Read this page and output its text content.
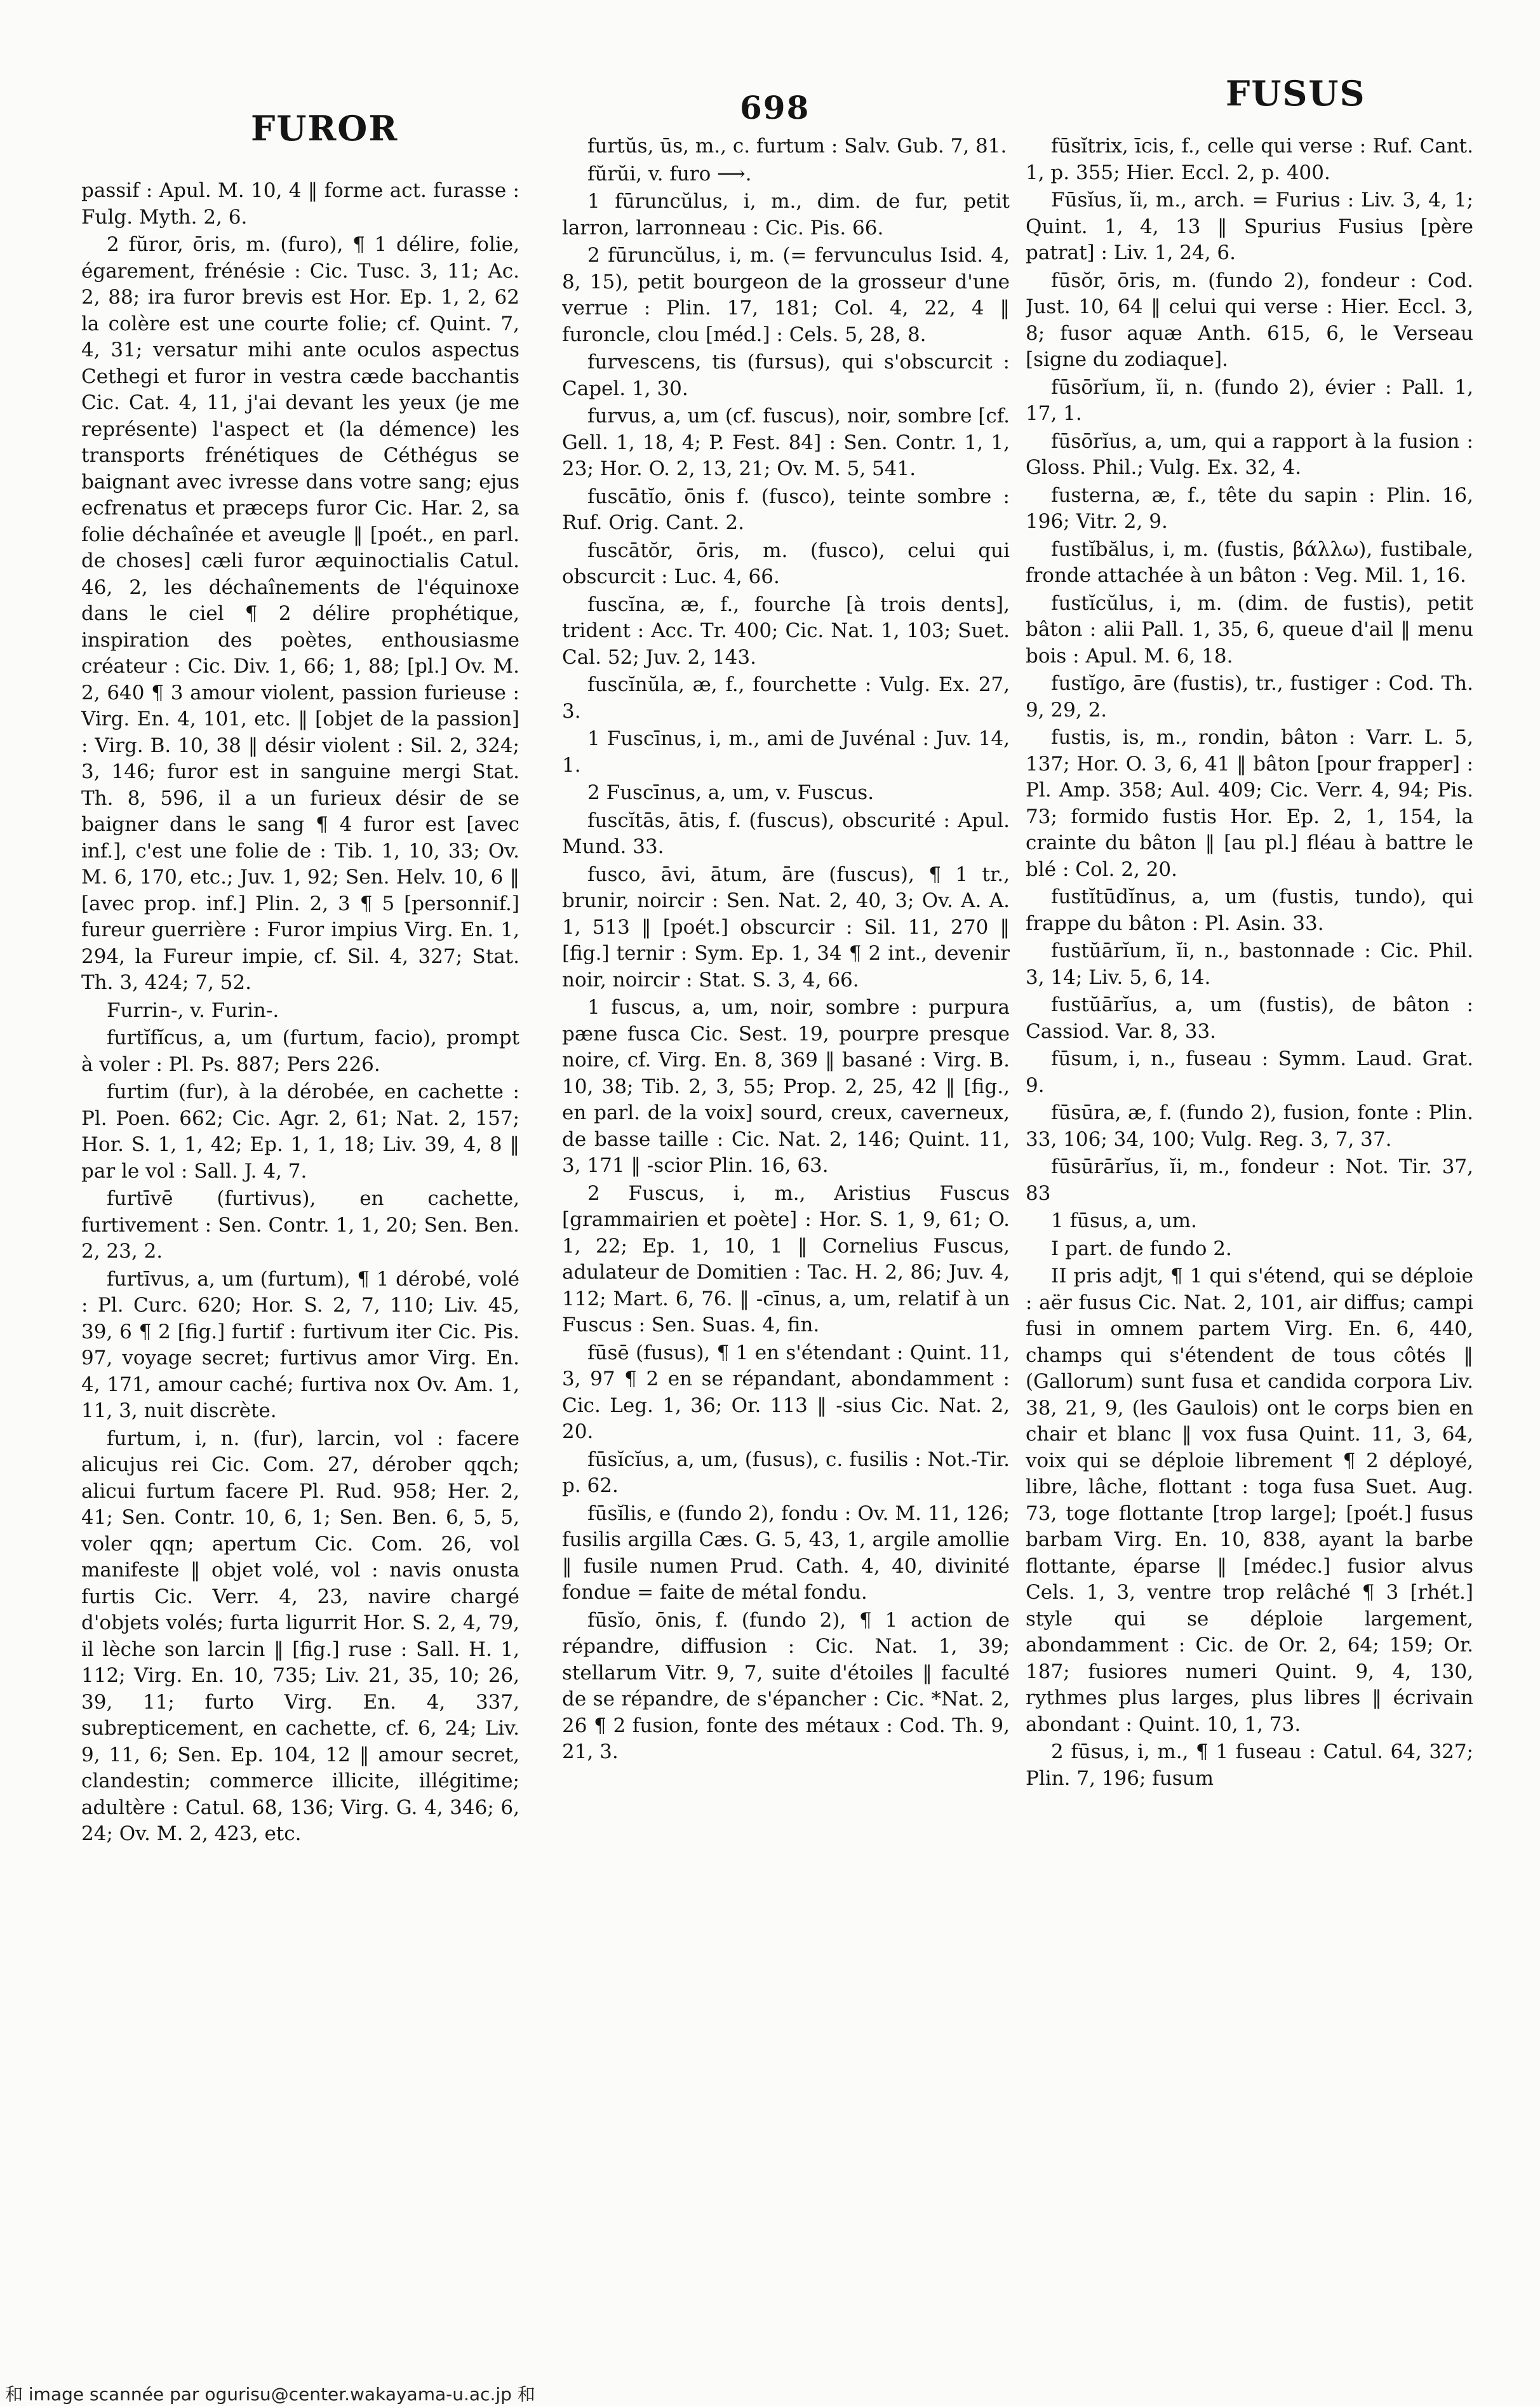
FUROR
698	FUSUS

passif : Apul. M. 10, 4 ‖ forme act. furasse : Fulg. Myth. 2, 6.

2 fŭror, ōris, m. (furo), ¶ 1 délire, folie, égarement, frénésie : Cic. Tusc. 3, 11; Ac. 2, 88; ira furor brevis est Hor. Ep. 1, 2, 62 la colère est une courte folie; cf. Quint. 7, 4, 31; versatur mihi ante oculos aspectus Cethegi et furor in vestra cæde bacchantis Cic. Cat. 4, 11, j'ai devant les yeux (je me représente) l'aspect et (la démence) les transports frénétiques de Céthégus se baignant avec ivresse dans votre sang; ejus ecfrenatus et præceps furor Cic. Har. 2, sa folie déchaînée et aveugle ‖ [poét., en parl. de choses] cæli furor æquinoctialis Catul. 46, 2, les déchaînements de l'équinoxe dans le ciel ¶ 2 délire prophétique, inspiration des poètes, enthousiasme créateur : Cic. Div. 1, 66; 1, 88; [pl.] Ov. M. 2, 640 ¶ 3 amour violent, passion furieuse : Virg. En. 4, 101, etc. ‖ [objet de la passion] : Virg. B. 10, 38 ‖ désir violent : Sil. 2, 324; 3, 146; furor est in sanguine mergi Stat. Th. 8, 596, il a un furieux désir de se baigner dans le sang ¶ 4 furor est [avec inf.], c'est une folie de : Tib. 1, 10, 33; Ov. M. 6, 170, etc.; Juv. 1, 92; Sen. Helv. 10, 6 ‖ [avec prop. inf.] Plin. 2, 3 ¶ 5 [personnif.] fureur guerrière : Furor impius Virg. En. 1, 294, la Fureur impie, cf. Sil. 4, 327; Stat. Th. 3, 424; 7, 52.

Furrin-, v. Furin-.

furtĭfĭcus, a, um (furtum, facio), prompt à voler : Pl. Ps. 887; Pers 226.

furtim (fur), à la dérobée, en cachette : Pl. Poen. 662; Cic. Agr. 2, 61; Nat. 2, 157; Hor. S. 1, 1, 42; Ep. 1, 1, 18; Liv. 39, 4, 8 ‖ par le vol : Sall. J. 4, 7.

furtīvē (furtivus), en cachette, furtivement : Sen. Contr. 1, 1, 20; Sen. Ben. 2, 23, 2.

furtīvus, a, um (furtum), ¶ 1 dérobé, volé : Pl. Curc. 620; Hor. S. 2, 7, 110; Liv. 45, 39, 6 ¶ 2 [fig.] furtif : furtivum iter Cic. Pis. 97, voyage secret; furtivus amor Virg. En. 4, 171, amour caché; furtiva nox Ov. Am. 1, 11, 3, nuit discrète.

furtum, i, n. (fur), larcin, vol : facere alicujus rei Cic. Com. 27, dérober qqch; alicui furtum facere Pl. Rud. 958; Her. 2, 41; Sen. Contr. 10, 6, 1; Sen. Ben. 6, 5, 5, voler qqn; apertum Cic. Com. 26, vol manifeste ‖ objet volé, vol : navis onusta furtis Cic. Verr. 4, 23, navire chargé d'objets volés; furta ligurrit Hor. S. 2, 4, 79, il lèche son larcin ‖ [fig.] ruse : Sall. H. 1, 112; Virg. En. 10, 735; Liv. 21, 35, 10; 26, 39, 11; furto Virg. En. 4, 337, subrepticement, en cachette, cf. 6, 24; Liv. 9, 11, 6; Sen. Ep. 104, 12 ‖ amour secret, clandestin; commerce illicite, illégitime; adultère : Catul. 68, 136; Virg. G. 4, 346; 6, 24; Ov. M. 2, 423, etc.

furtŭs, ūs, m., c. furtum : Salv. Gub. 7, 81.

fŭrŭi, v. furo ⟶.

1 fūruncŭlus, i, m., dim. de fur, petit larron, larronneau : Cic. Pis. 66.

2 fūruncŭlus, i, m. (= fervunculus Isid. 4, 8, 15), petit bourgeon de la grosseur d'une verrue : Plin. 17, 181; Col. 4, 22, 4 ‖ furoncle, clou [méd.] : Cels. 5, 28, 8.

furvescens, tis (fursus), qui s'obscurcit : Capel. 1, 30.

furvus, a, um (cf. fuscus), noir, sombre [cf. Gell. 1, 18, 4; P. Fest. 84] : Sen. Contr. 1, 1, 23; Hor. O. 2, 13, 21; Ov. M. 5, 541.

fuscātĭo, ōnis f. (fusco), teinte sombre : Ruf. Orig. Cant. 2.

fuscātŏr, ōris, m. (fusco), celui qui obscurcit : Luc. 4, 66.

fuscĭna, æ, f., fourche [à trois dents], trident : Acc. Tr. 400; Cic. Nat. 1, 103; Suet. Cal. 52; Juv. 2, 143.

fuscĭnŭla, æ, f., fourchette : Vulg. Ex. 27, 3.

1 Fuscīnus, i, m., ami de Juvénal : Juv. 14, 1.

2 Fuscīnus, a, um, v. Fuscus.

fuscĭtās, ātis, f. (fuscus), obscurité : Apul. Mund. 33.

fusco, āvi, ātum, āre (fuscus), ¶ 1 tr., brunir, noircir : Sen. Nat. 2, 40, 3; Ov. A. A. 1, 513 ‖ [poét.] obscurcir : Sil. 11, 270 ‖ [fig.] ternir : Sym. Ep. 1, 34 ¶ 2 int., devenir noir, noircir : Stat. S. 3, 4, 66.

1 fuscus, a, um, noir, sombre : purpura pæne fusca Cic. Sest. 19, pourpre presque noire, cf. Virg. En. 8, 369 ‖ basané : Virg. B. 10, 38; Tib. 2, 3, 55; Prop. 2, 25, 42 ‖ [fig., en parl. de la voix] sourd, creux, caverneux, de basse taille : Cic. Nat. 2, 146; Quint. 11, 3, 171 ‖ -scior Plin. 16, 63.

2 Fuscus, i, m., Aristius Fuscus [grammairien et poète] : Hor. S. 1, 9, 61; O. 1, 22; Ep. 1, 10, 1 ‖ Cornelius Fuscus, adulateur de Domitien : Tac. H. 2, 86; Juv. 4, 112; Mart. 6, 76. ‖ -cīnus, a, um, relatif à un Fuscus : Sen. Suas. 4, fin.

fūsē (fusus), ¶ 1 en s'étendant : Quint. 11, 3, 97 ¶ 2 en se répandant, abondamment : Cic. Leg. 1, 36; Or. 113 ‖ -sius Cic. Nat. 2, 20.

fūsĭcĭus, a, um, (fusus), c. fusilis : Not.-Tir. p. 62.

fūsĭlis, e (fundo 2), fondu : Ov. M. 11, 126; fusilis argilla Cæs. G. 5, 43, 1, argile amollie ‖ fusile numen Prud. Cath. 4, 40, divinité fondue = faite de métal fondu.

fūsĭo, ōnis, f. (fundo 2), ¶ 1 action de répandre, diffusion : Cic. Nat. 1, 39; stellarum Vitr. 9, 7, suite d'étoiles ‖ faculté de se répandre, de s'épancher : Cic. *Nat. 2, 26 ¶ 2 fusion, fonte des métaux : Cod. Th. 9, 21, 3.

fūsĭtrix, īcis, f., celle qui verse : Ruf. Cant. 1, p. 355; Hier. Eccl. 2, p. 400.

Fūsĭus, ĭi, m., arch. = Furius : Liv. 3, 4, 1; Quint. 1, 4, 13 ‖ Spurius Fusius [père patrat] : Liv. 1, 24, 6.

fūsŏr, ōris, m. (fundo 2), fondeur : Cod. Just. 10, 64 ‖ celui qui verse : Hier. Eccl. 3, 8; fusor aquæ Anth. 615, 6, le Verseau [signe du zodiaque].

fūsōrĭum, ĭi, n. (fundo 2), évier : Pall. 1, 17, 1.

fūsōrĭus, a, um, qui a rapport à la fusion : Gloss. Phil.; Vulg. Ex. 32, 4.

fusterna, æ, f., tête du sapin : Plin. 16, 196; Vitr. 2, 9.

fustĭbălus, i, m. (fustis, βάλλω), fustibale, fronde attachée à un bâton : Veg. Mil. 1, 16.

fustĭcŭlus, i, m. (dim. de fustis), petit bâton : alii Pall. 1, 35, 6, queue d'ail ‖ menu bois : Apul. M. 6, 18.

fustĭgo, āre (fustis), tr., fustiger : Cod. Th. 9, 29, 2.

fustis, is, m., rondin, bâton : Varr. L. 5, 137; Hor. O. 3, 6, 41 ‖ bâton [pour frapper] : Pl. Amp. 358; Aul. 409; Cic. Verr. 4, 94; Pis. 73; formido fustis Hor. Ep. 2, 1, 154, la crainte du bâton ‖ [au pl.] fléau à battre le blé : Col. 2, 20.

fustĭtūdĭnus, a, um (fustis, tundo), qui frappe du bâton : Pl. Asin. 33.

fustŭārĭum, ĭi, n., bastonnade : Cic. Phil. 3, 14; Liv. 5, 6, 14.

fustŭārĭus, a, um (fustis), de bâton : Cassiod. Var. 8, 33.

fūsum, i, n., fuseau : Symm. Laud. Grat. 9.

fūsūra, æ, f. (fundo 2), fusion, fonte : Plin. 33, 106; 34, 100; Vulg. Reg. 3, 7, 37.

fūsūrārĭus, ĭi, m., fondeur : Not. Tir. 37, 83

1 fūsus, a, um.

I part. de fundo 2.

II pris adjt, ¶ 1 qui s'étend, qui se déploie : aër fusus Cic. Nat. 2, 101, air diffus; campi fusi in omnem partem Virg. En. 6, 440, champs qui s'étendent de tous côtés ‖ (Gallorum) sunt fusa et candida corpora Liv. 38, 21, 9, (les Gaulois) ont le corps bien en chair et blanc ‖ vox fusa Quint. 11, 3, 64, voix qui se déploie librement ¶ 2 déployé, libre, lâche, flottant : toga fusa Suet. Aug. 73, toge flottante [trop large]; [poét.] fusus barbam Virg. En. 10, 838, ayant la barbe flottante, éparse ‖ [médec.] fusior alvus Cels. 1, 3, ventre trop relâché ¶ 3 [rhét.] style qui se déploie largement, abondamment : Cic. de Or. 2, 64; 159; Or. 187; fusiores numeri Quint. 9, 4, 130, rythmes plus larges, plus libres ‖ écrivain abondant : Quint. 10, 1, 73.

2 fūsus, i, m., ¶ 1 fuseau : Catul. 64, 327; Plin. 7, 196; fusum

和 image scannée par ogurisu@center.wakayama-u.ac.jp 和
